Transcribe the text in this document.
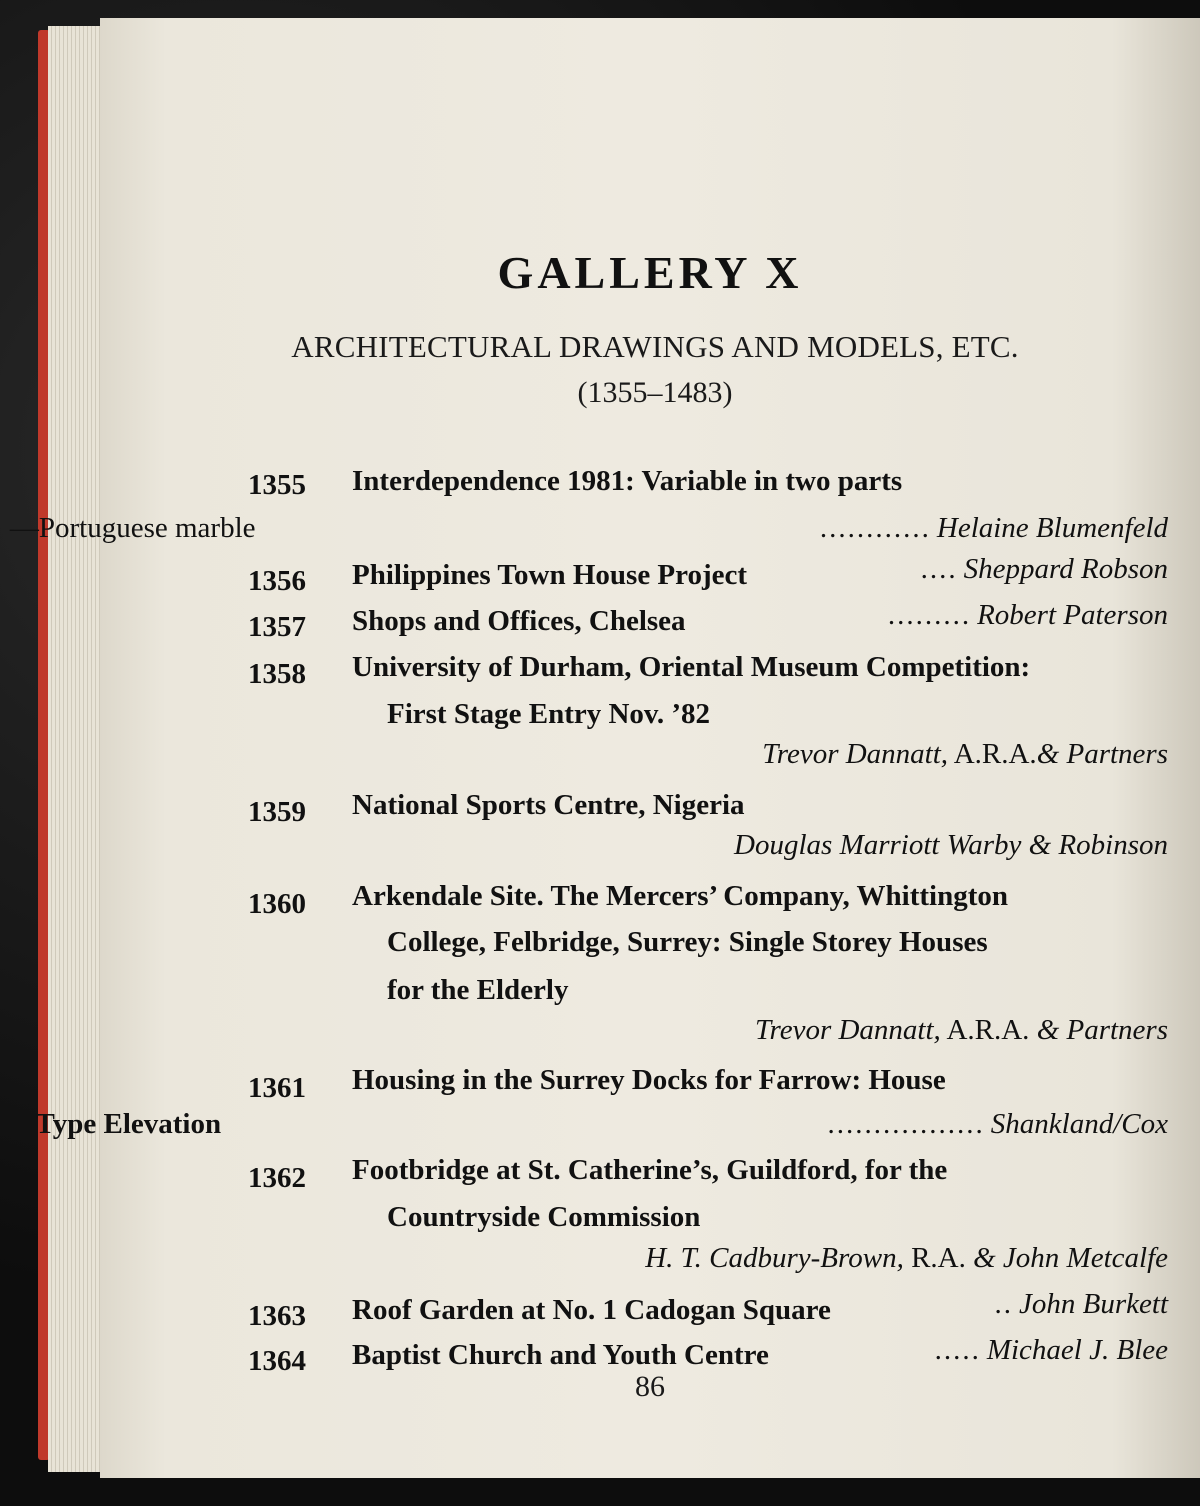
GALLERY X
ARCHITECTURAL DRAWINGS AND MODELS, ETC.
(1355–1483)
1355 Interdependence 1981: Variable in two parts
—Portuguese marble	............ Helaine Blumenfeld
1356 Philippines Town House Project	.... Sheppard Robson
1357 Shops and Offices, Chelsea	......... Robert Paterson
1358 University of Durham, Oriental Museum Competition:
First Stage Entry Nov. ’82
Trevor Dannatt, A.R.A.& Partners
1359 National Sports Centre, Nigeria
Douglas Marriott Warby & Robinson
1360 Arkendale Site. The Mercers’ Company, Whittington
College, Felbridge, Surrey: Single Storey Houses
for the Elderly
Trevor Dannatt, A.R.A. & Partners
1361 Housing in the Surrey Docks for Farrow: House
Type Elevation	................. Shankland/Cox
1362 Footbridge at St. Catherine’s, Guildford, for the
Countryside Commission
H. T. Cadbury-Brown, R.A. & John Metcalfe
1363 Roof Garden at No. 1 Cadogan Square	.. John Burkett
1364 Baptist Church and Youth Centre	..... Michael J. Blee
86
